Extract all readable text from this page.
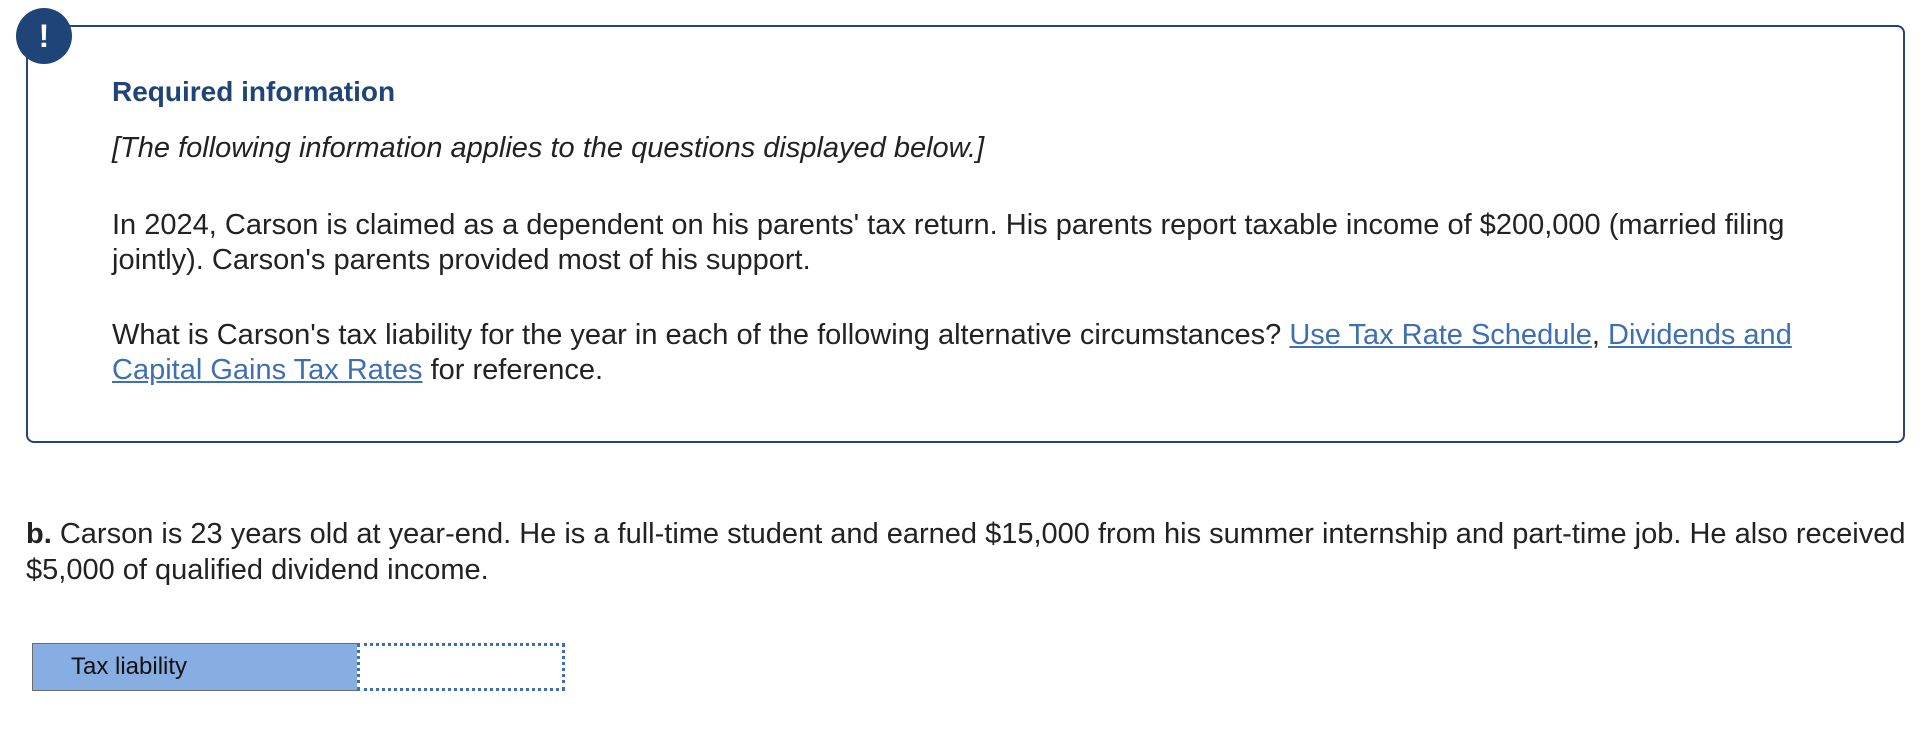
!
Required information

[The following information applies to the questions displayed below.]

In 2024, Carson is claimed as a dependent on his parents' tax return. His parents report taxable income of $200,000 (married filing jointly). Carson's parents provided most of his support.

What is Carson's tax liability for the year in each of the following alternative circumstances? Use Tax Rate Schedule, Dividends and Capital Gains Tax Rates for reference.

b. Carson is 23 years old at year-end. He is a full-time student and earned $15,000 from his summer internship and part-time job. He also received $5,000 of qualified dividend income.

Tax liability
